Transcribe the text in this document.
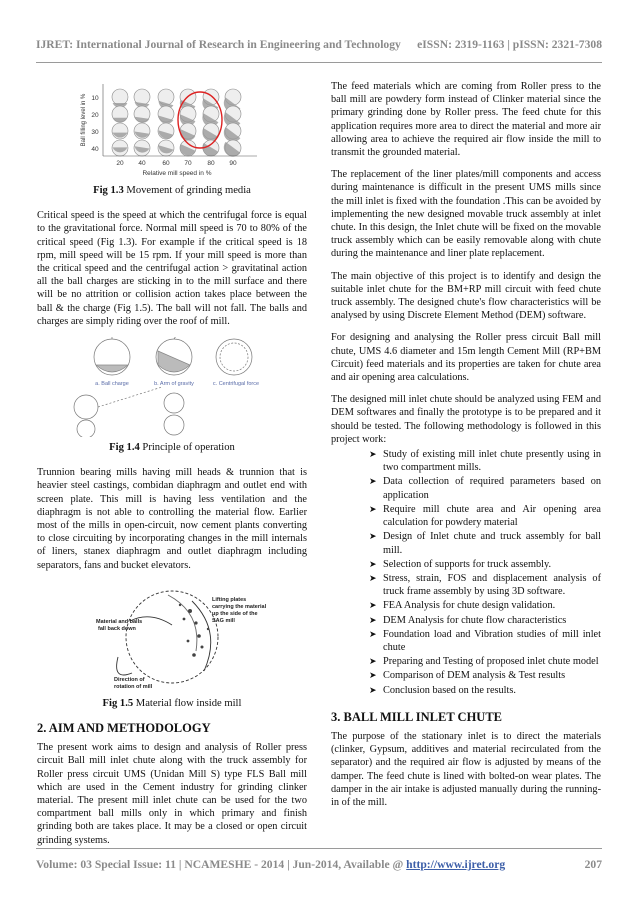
IJRET: International Journal of Research in Engineering and Technology eISSN: 2319-1163 | pISSN: 2321-7308
Ball filling level in % 10
20
30
40
20 40	60 70 80 90
Relative mill speed in %
Fig 1.3 Movement of grinding media

Critical speed is the speed at which the centrifugal force is equal to the gravitational force. Normal mill speed is 70 to 80% of the critical speed (Fig 1.3). For example if the critical speed is 18 rpm, mill speed will be 15 rpm. If your mill speed is more than the critical speed and the centrifugal action > gravitatinal action all the ball charges are sticking in to the mill surface and there will be no attrition or collision action takes place between the ball & the charge (Fig 1.5). The ball will not fall. The balls and charges are simply riding over the roof of mill.

a. Ball charge	b. Arm of gravity	c. Centrifugal force
Fig 1.4 Principle of operation

Trunnion bearing mills having mill heads & trunnion that is heavier steel castings, combidan diaphragm and outlet end with screen plate. This mill is having less ventilation and the diaphragm is not able to controlling the material flow. Earlier most of the mills in open-circuit, now cement plants converting to close circuiting by incorporating changes in the mill internals of liners, stanex diaphragm and outlet diaphragm including separators, fans and bucket elevators.

Material and balls
fall back down
Lifting plates
carrying the material
up the side of the
SAG mill
Direction of
rotation of mill
Fig 1.5 Material flow inside mill
2. AIM AND METHODOLOGY

The present work aims to design and analysis of Roller press circuit Ball mill inlet chute along with the truck assembly for Roller press circuit UMS (Unidan Mill S) type FLS Ball mill which are used in the Cement industry for grinding clinker material. The present mill inlet chute can be used for the two compartment ball mills only in which primary and finish grinding both are takes place. It may be a closed or open circuit grinding systems.

The feed materials which are coming from Roller press to the ball mill are powdery form instead of Clinker material since the primary grinding done by Roller press. The feed chute for this application requires more area to direct the material and more air allowing area to achieve the required air flow inside the mill to transmit the grounded material.

The replacement of the liner plates/mill components and access during maintenance is difficult in the present UMS mills since the mill inlet is fixed with the foundation .This can be avoided by implementing the new designed movable truck assembly at inlet chute. In this design, the Inlet chute will be fixed on the movable truck assembly which can be easily removable along with chute during the maintenance and liner plate replacement.

The main objective of this project is to identify and design the suitable inlet chute for the BM+RP mill circuit with feed chute truck assembly. The designed chute's flow characteristics will be analysed by using Discrete Element Method (DEM) software.

For designing and analysing the Roller press circuit Ball mill chute, UMS 4.6 diameter and 15m length Cement Mill (RP+BM Circuit) feed materials and its properties are taken for chute area and air opening area calculations.

The designed mill inlet chute should be analyzed using FEM and DEM softwares and finally the prototype is to be prepared and it should be tested. The following methodology is followed in this project work:

➤ Study of existing mill inlet chute presently using in two compartment mills.
➤ Data collection of required parameters based on application
➤ Require mill chute area and Air opening area calculation for powdery material
➤ Design of Inlet chute and truck assembly for ball mill.
➤ Selection of supports for truck assembly.
➤ Stress, strain, FOS and displacement analysis of truck frame assembly by using 3D software.
➤ FEA Analysis for chute design validation.
➤ DEM Analysis for chute flow characteristics
➤ Foundation load and Vibration studies of mill inlet chute
➤ Preparing and Testing of proposed inlet chute model
➤ Comparison of DEM analysis & Test results
➤ Conclusion based on the results.
3. BALL MILL INLET CHUTE

The purpose of the stationary inlet is to direct the materials (clinker, Gypsum, additives and material recirculated from the separator) and the required air flow is adjusted by means of the damper. The feed chute is lined with bolted-on wear plates. The damper in the air intake is adjusted manually during the running-in of the mill.

Volume: 03 Special Issue: 11 | NCAMESHE - 2014 | Jun-2014, Available @ http://www.ijret.org	207
